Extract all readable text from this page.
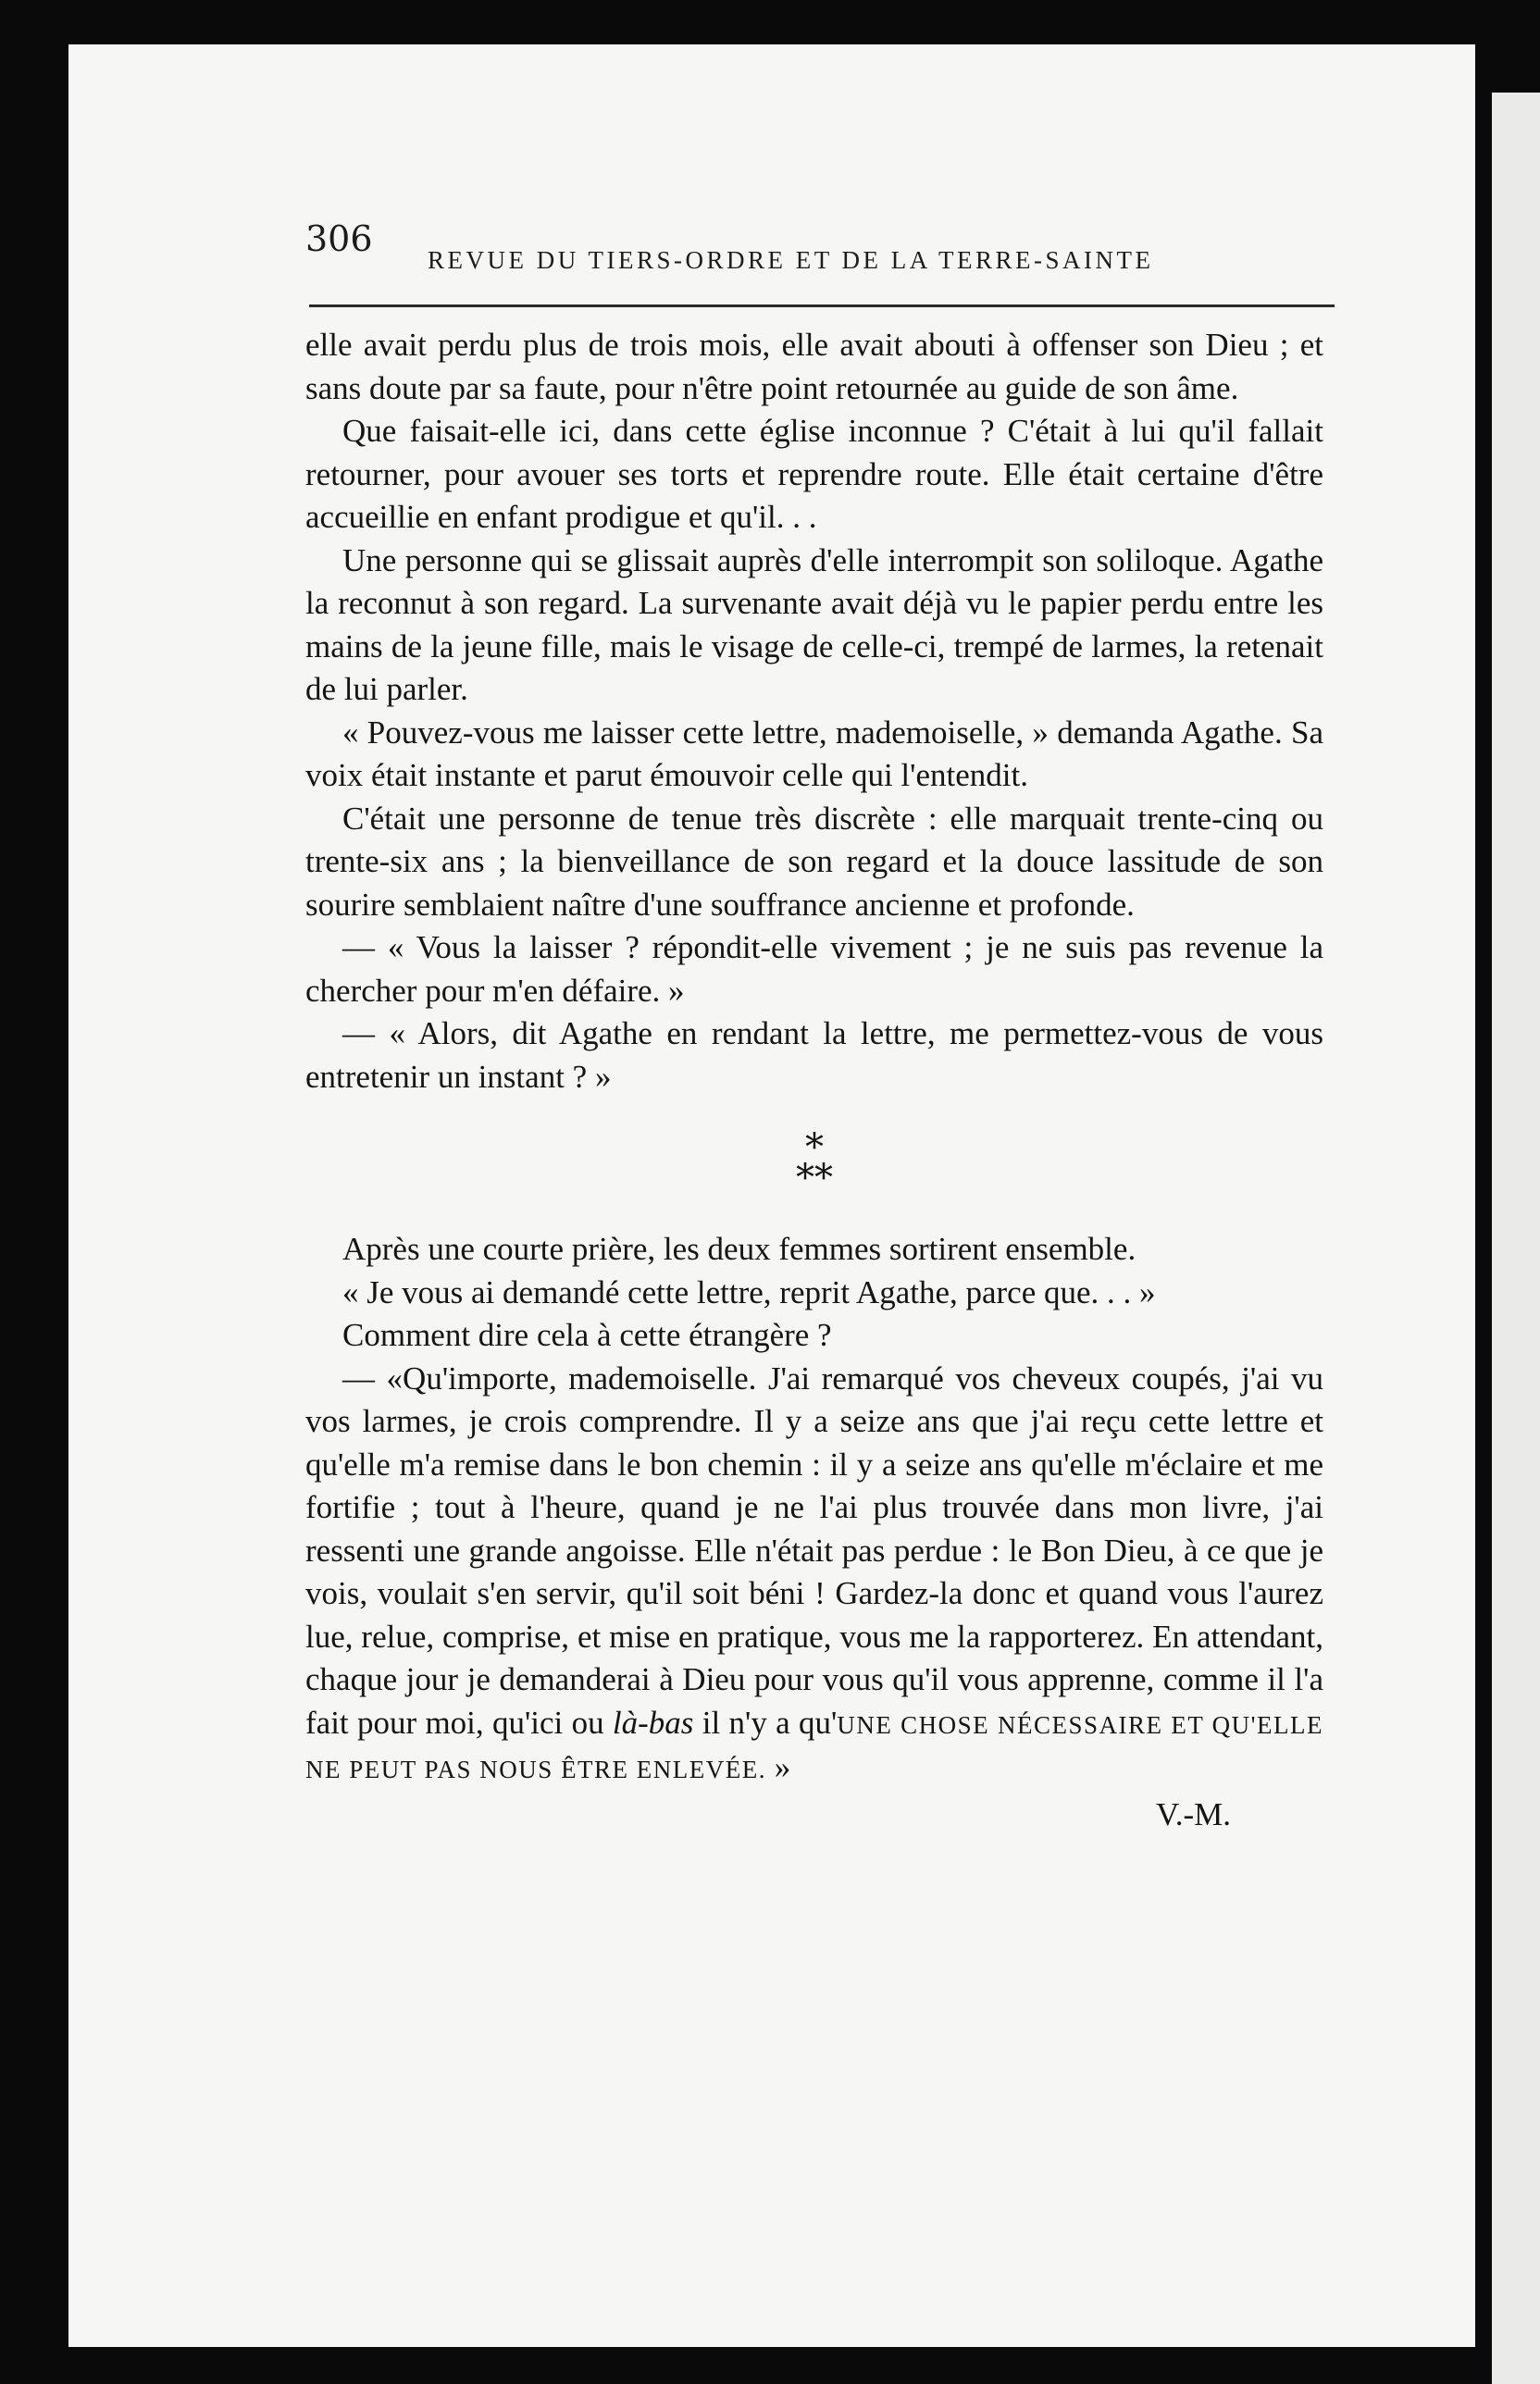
306
REVUE DU TIERS-ORDRE ET DE LA TERRE-SAINTE

elle avait perdu plus de trois mois, elle avait abouti à offenser son Dieu ; et sans doute par sa faute, pour n'être point retournée au guide de son âme.

Que faisait-elle ici, dans cette église inconnue ? C'était à lui qu'il fallait retourner, pour avouer ses torts et reprendre route. Elle était certaine d'être accueillie en enfant prodigue et qu'il. . .

Une personne qui se glissait auprès d'elle interrompit son soliloque. Agathe la reconnut à son regard. La survenante avait déjà vu le papier perdu entre les mains de la jeune fille, mais le visage de celle-ci, trempé de larmes, la retenait de lui parler.

« Pouvez-vous me laisser cette lettre, mademoiselle, » demanda Agathe. Sa voix était instante et parut émouvoir celle qui l'entendit.

C'était une personne de tenue très discrète : elle marquait trente-cinq ou trente-six ans ; la bienveillance de son regard et la douce lassitude de son sourire semblaient naître d'une souffrance ancienne et profonde.

— « Vous la laisser ? répondit-elle vivement ; je ne suis pas revenue la chercher pour m'en défaire. »

— « Alors, dit Agathe en rendant la lettre, me permettez-vous de vous entretenir un instant ? »

*
**

Après une courte prière, les deux femmes sortirent ensemble.

« Je vous ai demandé cette lettre, reprit Agathe, parce que. . . »

Comment dire cela à cette étrangère ?

— «Qu'importe, mademoiselle. J'ai remarqué vos cheveux coupés, j'ai vu vos larmes, je crois comprendre. Il y a seize ans que j'ai reçu cette lettre et qu'elle m'a remise dans le bon chemin : il y a seize ans qu'elle m'éclaire et me fortifie ; tout à l'heure, quand je ne l'ai plus trouvée dans mon livre, j'ai ressenti une grande angoisse. Elle n'était pas perdue : le Bon Dieu, à ce que je vois, voulait s'en servir, qu'il soit béni ! Gardez-la donc et quand vous l'aurez lue, relue, comprise, et mise en pratique, vous me la rapporterez. En attendant, chaque jour je demanderai à Dieu pour vous qu'il vous apprenne, comme il l'a fait pour moi, qu'ici ou là-bas il n'y a qu'UNE CHOSE NÉCESSAIRE ET QU'ELLE NE PEUT PAS NOUS ÊTRE ENLEVÉE. »

V.-M.
